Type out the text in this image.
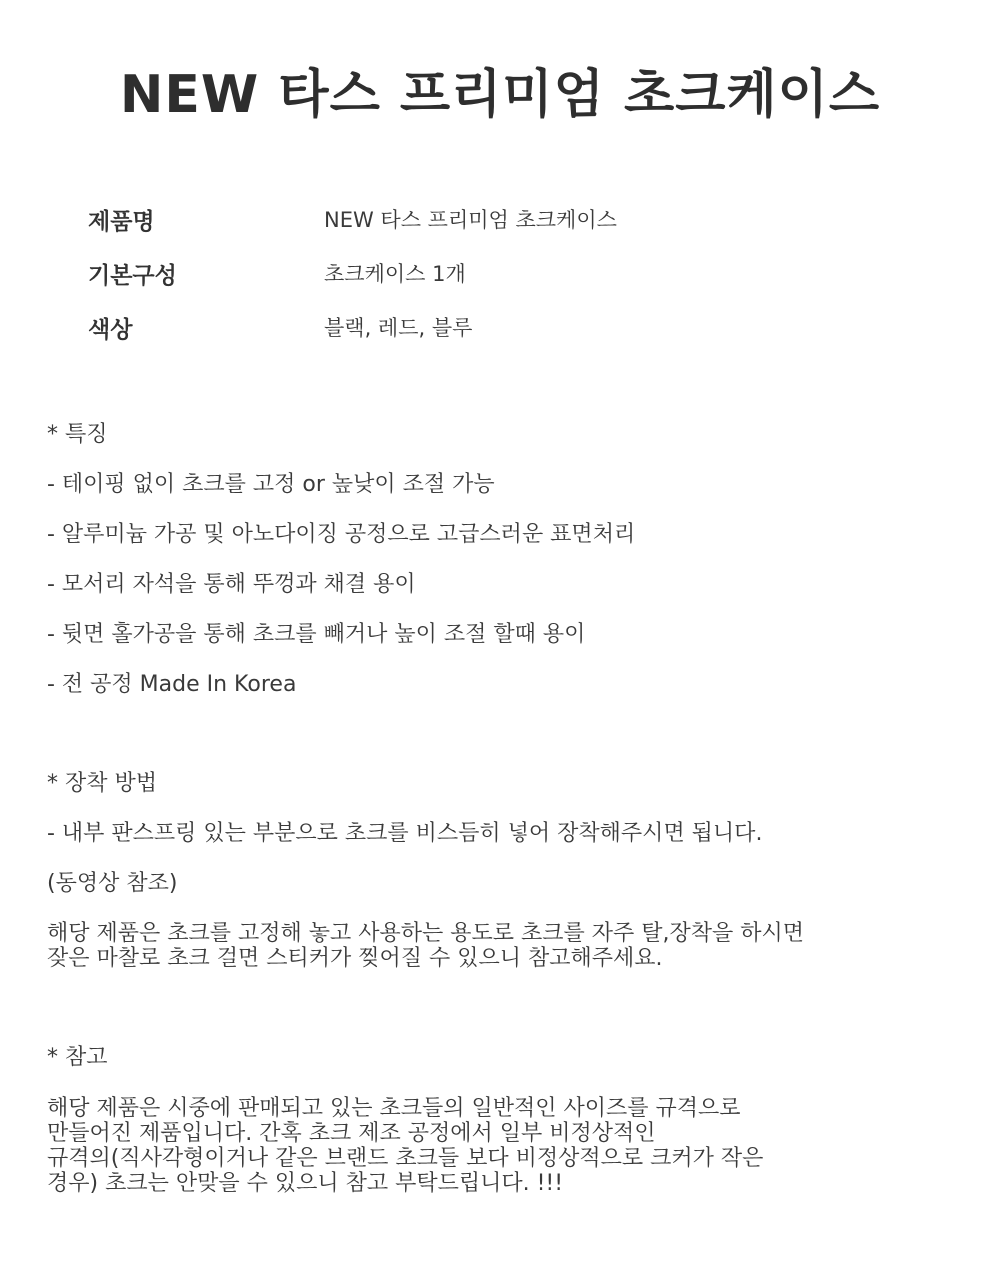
NEW 타스 프리미엄 초크케이스
제품명	NEW 타스 프리미엄 초크케이스
기본구성	초크케이스 1개
색상	블랙, 레드, 블루

* 특징

- 테이핑 없이 초크를 고정 or 높낮이 조절 가능

- 알루미늄 가공 및 아노다이징 공정으로 고급스러운 표면처리

- 모서리 자석을 통해 뚜껑과 채결 용이

- 뒷면 홀가공을 통해 초크를 빼거나 높이 조절 할때 용이

- 전 공정 Made In Korea

* 장착 방법

- 내부 판스프링 있는 부분으로 초크를 비스듬히 넣어 장착해주시면 됩니다.

(동영상 참조)

해당 제품은 초크를 고정해 놓고 사용하는 용도로 초크를 자주 탈,장착을 하시면

잦은 마찰로 초크 걸면 스티커가 찢어질 수 있으니 참고해주세요.

* 참고

해당 제품은 시중에 판매되고 있는 초크들의 일반적인 사이즈를 규격으로

만들어진 제품입니다. 간혹 초크 제조 공정에서 일부 비정상적인

규격의(직사각형이거나 같은 브랜드 초크들 보다 비정상적으로 크커가 작은

경우) 초크는 안맞을 수 있으니 참고 부탁드립니다. !!!
